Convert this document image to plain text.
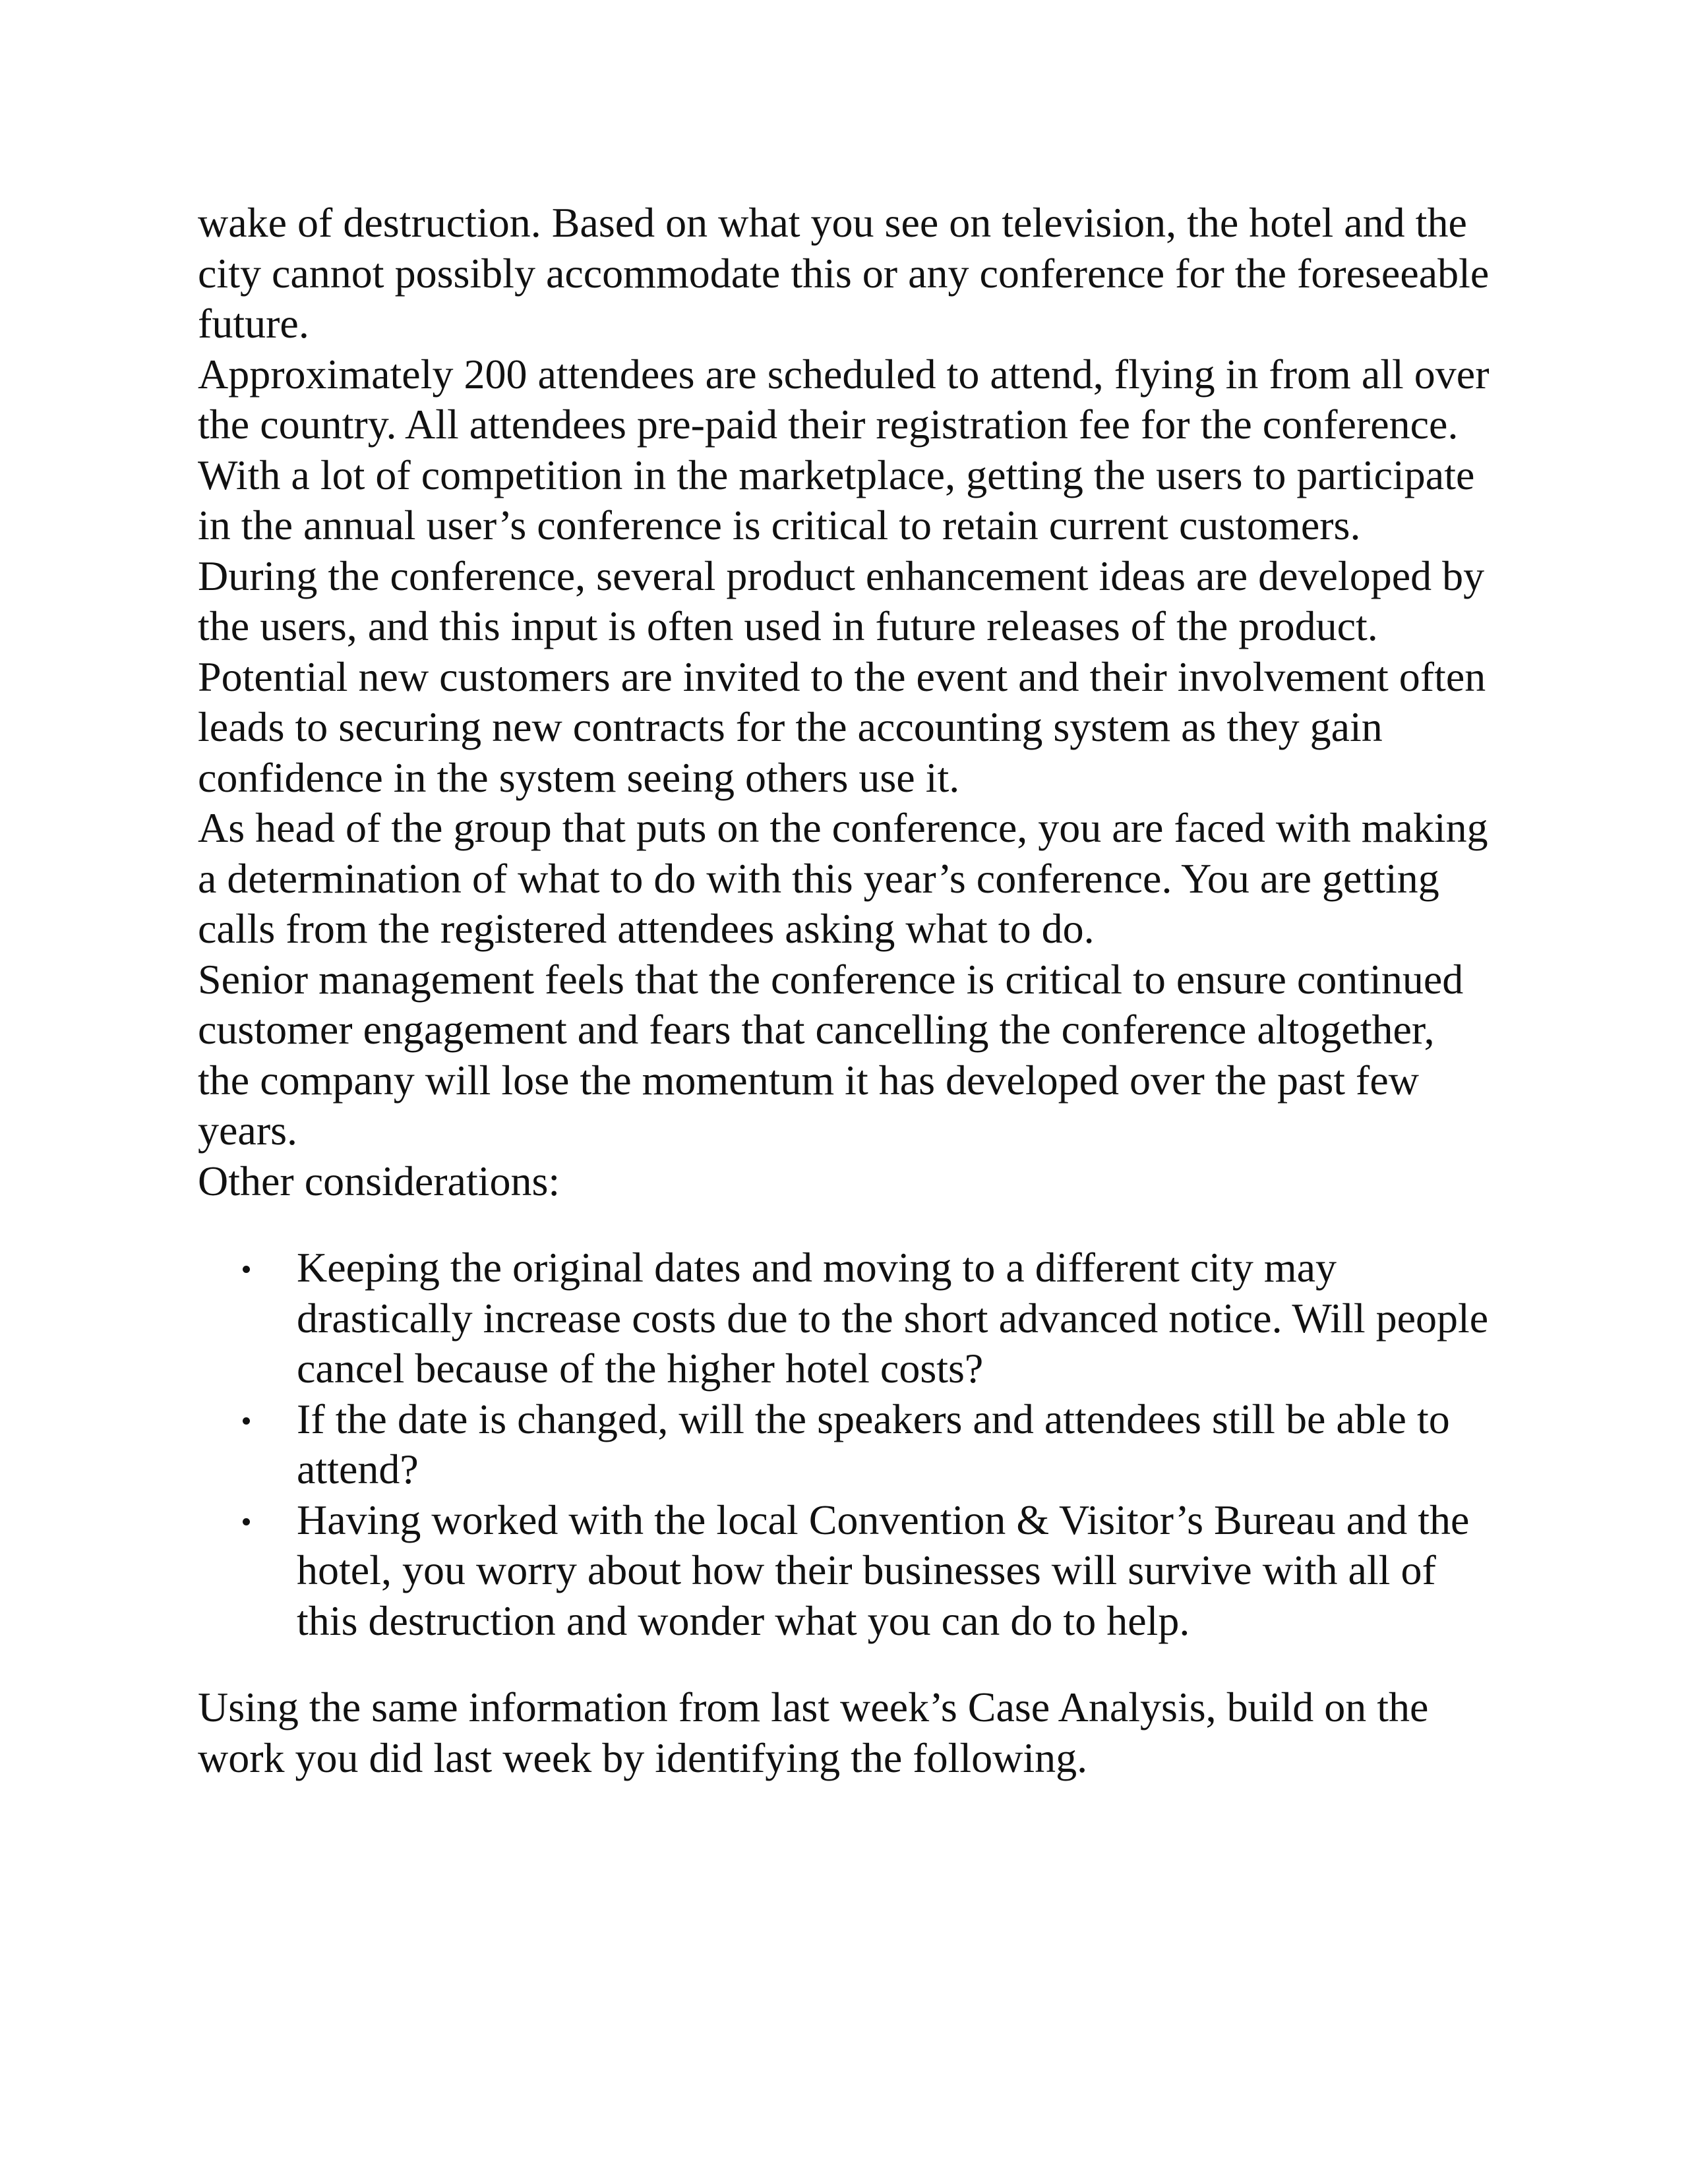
wake of destruction. Based on what you see on television, the hotel and the city cannot possibly accommodate this or any conference for the foreseeable future.

Approximately 200 attendees are scheduled to attend, flying in from all over the country. All attendees pre-paid their registration fee for the conference.

With a lot of competition in the marketplace, getting the users to participate in the annual user’s conference is critical to retain current customers. During the conference, several product enhancement ideas are developed by the users, and this input is often used in future releases of the product.

Potential new customers are invited to the event and their involvement often leads to securing new contracts for the accounting system as they gain confidence in the system seeing others use it.

As head of the group that puts on the conference, you are faced with making a determination of what to do with this year’s conference. You are getting calls from the registered attendees asking what to do.

Senior management feels that the conference is critical to ensure continued customer engagement and fears that cancelling the conference altogether, the company will lose the momentum it has developed over the past few years.

Other considerations:

Keeping the original dates and moving to a different city may drastically increase costs due to the short advanced notice. Will people cancel because of the higher hotel costs?
If the date is changed, will the speakers and attendees still be able to attend?
Having worked with the local Convention & Visitor’s Bureau and the hotel, you worry about how their businesses will survive with all of this destruction and wonder what you can do to help.

Using the same information from last week’s Case Analysis, build on the work you did last week by identifying the following.
